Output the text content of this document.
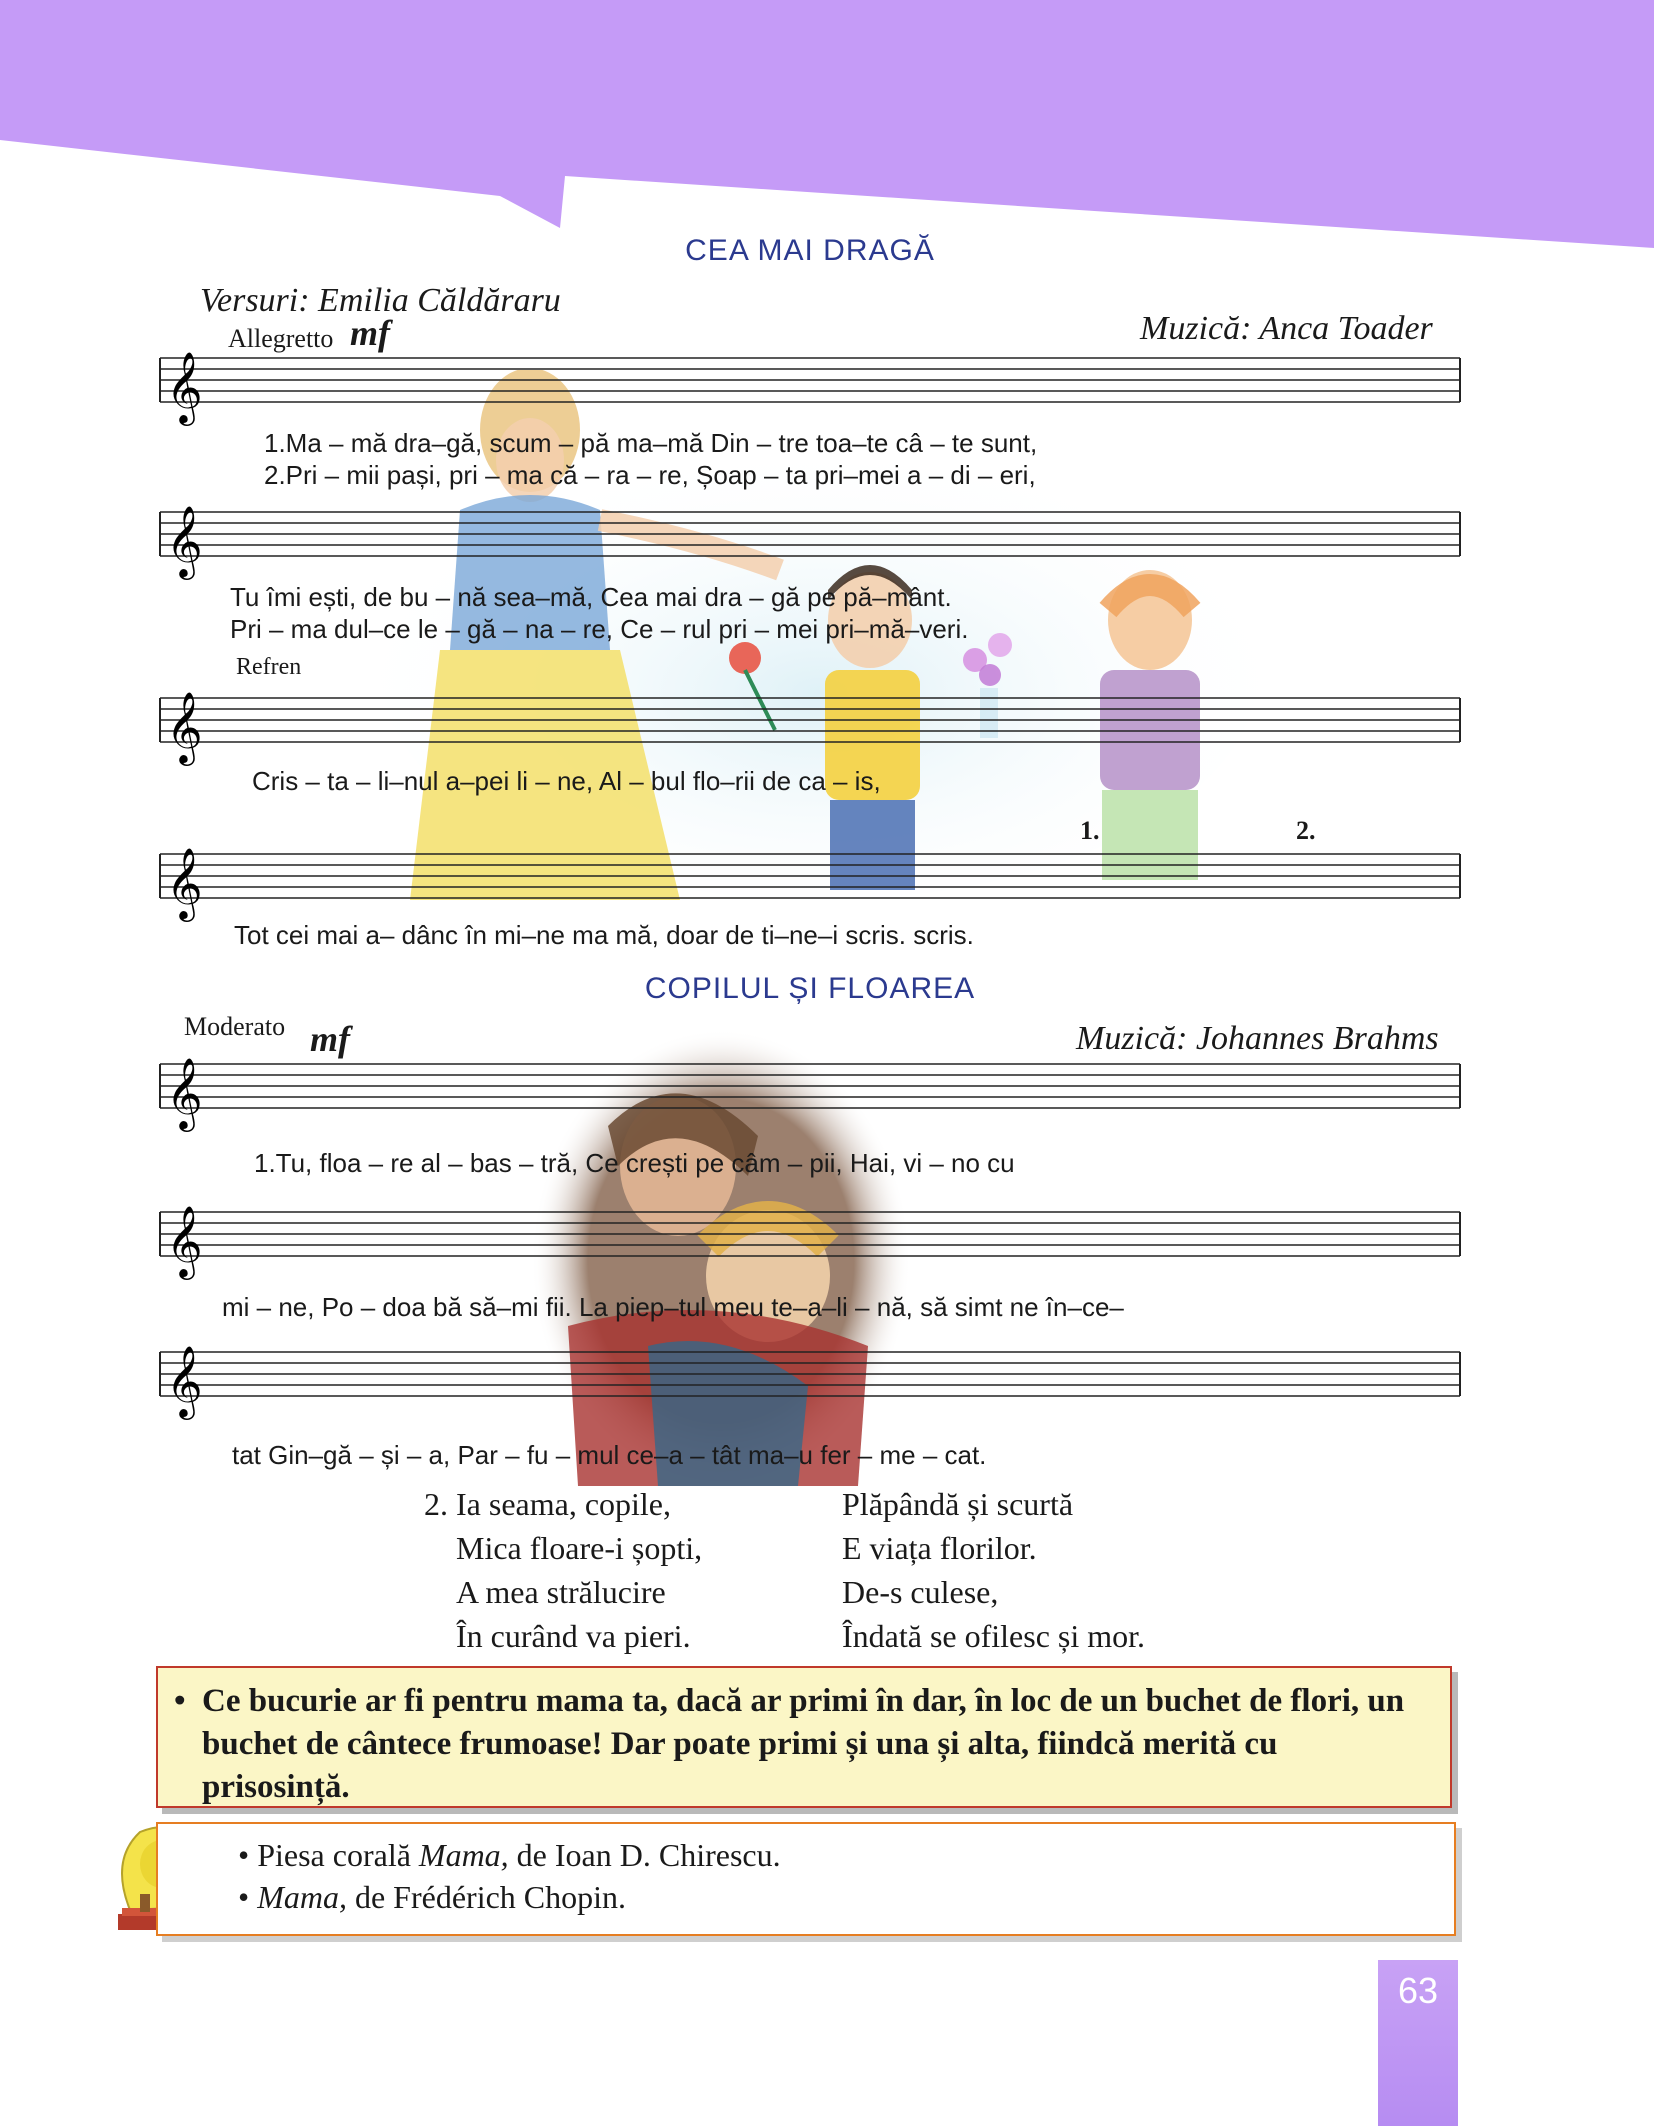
CEA MAI DRAGĂ
Versuri: Emilia Căldăraru
Allegretto mf	Muzică: Anca Toader
𝄞
𝄞
𝄞
𝄞
Refren
1.	2.
1.Ma – mă dra–gă, scum – pă ma–mă Din – tre toa–te câ – te sunt,
2.Pri – mii pași, pri – ma că – ra – re, Șoap – ta pri–mei a – di – eri,
Tu îmi ești, de bu – nă sea–mă, Cea mai dra – gă pe pă–mânt.
Pri – ma dul–ce le – gă – na – re, Ce – rul pri – mei pri–mă–veri.
Cris – ta – li–nul a–pei li – ne, Al – bul flo–rii de ca – is,
Tot cei mai a– dânc în mi–ne ma mă, doar de ti–ne–i scris. scris.
COPILUL ȘI FLOAREA
Moderato mf	Muzică: Johannes Brahms
𝄞
𝄞
𝄞
1.Tu, floa – re al – bas – tră, Ce crești pe câm – pii, Hai, vi – no cu
mi – ne, Po – doa bă să–mi fii. La piep–tul meu te–a–li – nă, să simt ne în–ce–
tat Gin–gă – și – a, Par – fu – mul ce–a – tât ma–u fer – me – cat.
2. Ia seama, copile,
Mica floare-i șopti,
A mea strălucire
În curând va pieri.
Plăpândă și scurtă
E viața florilor.
De-s culese,
Îndată se ofilesc și mor.
• Ce bucurie ar fi pentru mama ta, dacă ar primi în dar, în loc de un buchet de flori, un buchet de cântece frumoase! Dar poate primi și una și alta, fiindcă merită cu prisosință.
• Piesa corală Mama, de Ioan D. Chirescu.
• Mama, de Frédérich Chopin.
63
